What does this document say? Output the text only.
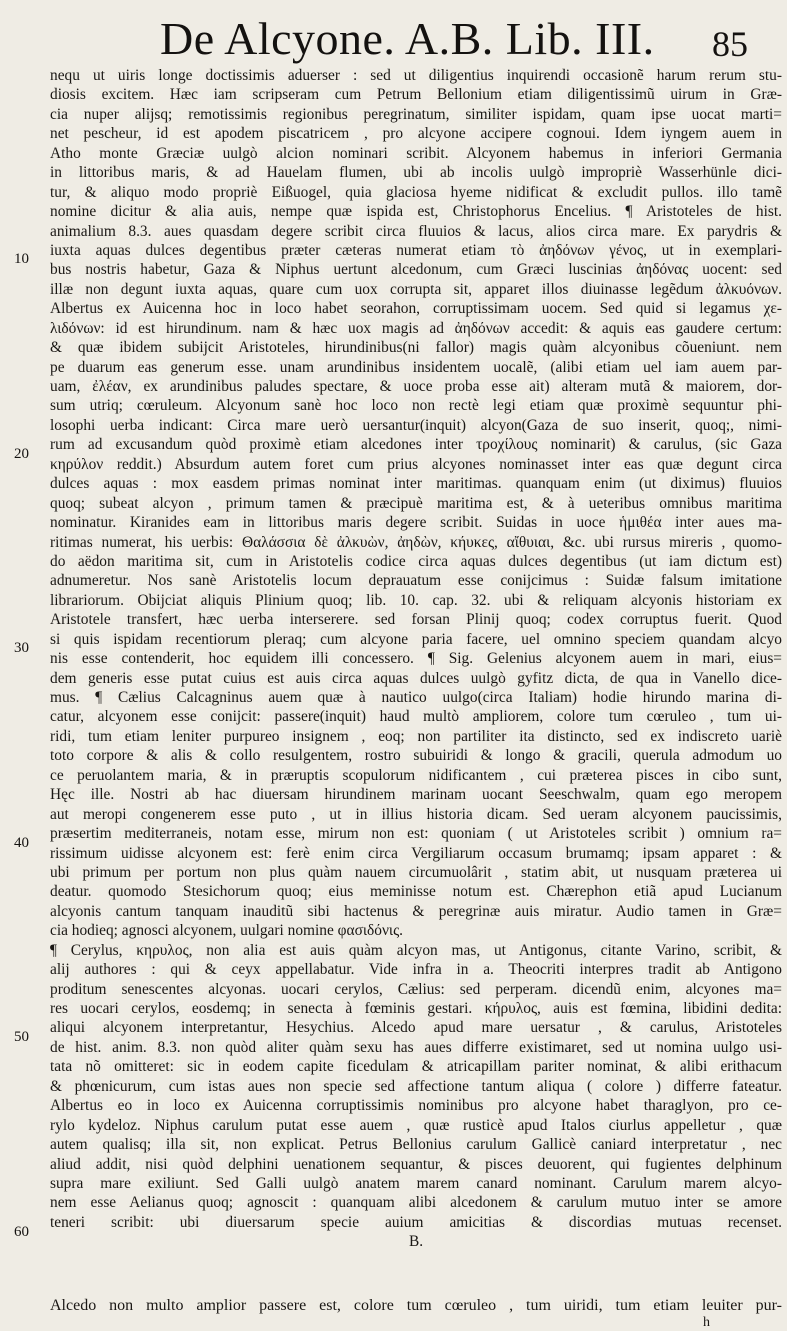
De Alcyone. A.B. Lib. III.	85
10
20
30
40
50
60
nequ ut uiris longe doctissimis aduerser : sed ut diligentius inquirendi occasionẽ harum rerum stu-
diosis excitem. Hæc iam scripseram cum Petrum Bellonium etiam diligentissimũ uirum in Græ-
cia nuper alijsq; remotissimis regionibus peregrinatum, similiter ispidam, quam ipse uocat marti=
net pescheur, id est apodem piscatricem , pro alcyone accipere cognoui. Idem iyngem auem in
Atho monte Græciæ uulgò alcion nominari scribit. Alcyonem habemus in inferiori Germania
in littoribus maris, & ad Hauelam flumen, ubi ab incolis uulgò impropriè Wasserhünle dici-
tur, & aliquo modo propriè Eißuogel, quia glaciosa hyeme nidificat & excludit pullos. illo tamẽ
nomine dicitur & alia auis, nempe quæ ispida est, Christophorus Encelius. ¶ Aristoteles de hist.
animalium 8.3. aues quasdam degere scribit circa fluuios & lacus, alios circa mare. Ex parydris &
iuxta aquas dulces degentibus præter cæteras numerat etiam τὸ ἀηδόνων γένος, ut in exemplari-
bus nostris habetur, Gaza & Niphus uertunt alcedonum, cum Græci luscinias ἀηδόνας uocent: sed
illæ non degunt iuxta aquas, quare cum uox corrupta sit, apparet illos diuinasse legẽdum ἀλκυόνων.
Albertus ex Auicenna hoc in loco habet seorahon, corruptissimam uocem. Sed quid si legamus χε-
λιδόνων: id est hirundinum. nam & hæc uox magis ad ἀηδόνων accedit: & aquis eas gaudere certum:
& quæ ibidem subijcit Aristoteles, hirundinibus(ni fallor) magis quàm alcyonibus cõueniunt. nem
pe duarum eas generum esse. unam arundinibus insidentem uocalẽ, (alibi etiam uel iam auem par-
uam, ἐλέαν, ex arundinibus paludes spectare, & uoce proba esse ait) alteram mutã & maiorem, dor-
sum utriq; cœruleum. Alcyonum sanè hoc loco non rectè legi etiam quæ proximè sequuntur phi-
losophi uerba indicant: Circa mare uerò uersantur(inquit) alcyon(Gaza de suo inserit, quoq;, nimi-
rum ad excusandum quòd proximè etiam alcedones inter τροχίλους nominarit) & carulus, (sic Gaza
κηρύλον reddit.) Absurdum autem foret cum prius alcyones nominasset inter eas quæ degunt circa
dulces aquas : mox easdem primas nominat inter maritimas. quanquam enim (ut diximus) fluuios
quoq; subeat alcyon , primum tamen & præcipuè maritima est, & à ueteribus omnibus maritima
nominatur. Kiranides eam in littoribus maris degere scribit. Suidas in uoce ἡμιθέα inter aues ma-
ritimas numerat, his uerbis: Θαλάσσια δὲ ἀλκυὼν, ἀηδὼν, κήυκες, αἴθυιαι, &c. ubi rursus mireris , quomo-
do aëdon maritima sit, cum in Aristotelis codice circa aquas dulces degentibus (ut iam dictum est)
adnumeretur. Nos sanè Aristotelis locum deprauatum esse conijcimus : Suidæ falsum imitatione
librariorum. Obijciat aliquis Plinium quoq; lib. 10. cap. 32. ubi & reliquam alcyonis historiam ex
Aristotele transfert, hæc uerba interserere. sed forsan Plinij quoq; codex corruptus fuerit. Quod
si quis ispidam recentiorum pleraq; cum alcyone paria facere, uel omnino speciem quandam alcyo
nis esse contenderit, hoc equidem illi concessero. ¶ Sig. Gelenius alcyonem auem in mari, eius=
dem generis esse putat cuius est auis circa aquas dulces uulgò gyfitz dicta, de qua in Vanello dice-
mus. ¶ Cælius Calcagninus auem quæ à nautico uulgo(circa Italiam) hodie hirundo marina di-
catur, alcyonem esse conijcit: passere(inquit) haud multò ampliorem, colore tum cœruleo , tum ui-
ridi, tum etiam leniter purpureo insignem , eoq; non partiliter ita distincto, sed ex indiscreto uariè
toto corpore & alis & collo resulgentem, rostro subuiridi & longo & gracili, querula admodum uo
ce peruolantem maria, & in præruptis scopulorum nidificantem , cui præterea pisces in cibo sunt,
Hęc ille. Nostri ab hac diuersam hirundinem marinam uocant Seeschwalm, quam ego meropem
aut meropi congenerem esse puto , ut in illius historia dicam. Sed ueram alcyonem paucissimis,
præsertim mediterraneis, notam esse, mirum non est: quoniam ( ut Aristoteles scribit ) omnium ra=
rissimum uidisse alcyonem est: ferè enim circa Vergiliarum occasum brumamq; ipsam apparet : &
ubi primum per portum non plus quàm nauem circumuolârit , statim abit, ut nusquam præterea ui
deatur. quomodo Stesichorum quoq; eius meminisse notum est. Chærephon etiã apud Lucianum
alcyonis cantum tanquam inauditũ sibi hactenus & peregrinæ auis miratur. Audio tamen in Græ=
cia hodieq; agnosci alcyonem, uulgari nomine φασιδόνις.
¶ Cerylus, κηρυλος, non alia est auis quàm alcyon mas, ut Antigonus, citante Varino, scribit, &
alij authores : qui & ceyx appellabatur. Vide infra in a. Theocriti interpres tradit ab Antigono
proditum senescentes alcyonas. uocari cerylos, Cælius: sed perperam. dicendũ enim, alcyones ma=
res uocari cerylos, eosdemq; in senecta à fœminis gestari. κήρυλος, auis est fœmina, libidini dedita:
aliqui alcyonem interpretantur, Hesychius. Alcedo apud mare uersatur , & carulus, Aristoteles
de hist. anim. 8.3. non quòd aliter quàm sexu has aues differre existimaret, sed ut nomina uulgo usi-
tata nõ omitteret: sic in eodem capite ficedulam & atricapillam pariter nominat, & alibi erithacum
& phœnicurum, cum istas aues non specie sed affectione tantum aliqua ( colore ) differre fateatur.
Albertus eo in loco ex Auicenna corruptissimis nominibus pro alcyone habet tharaglyon, pro ce-
rylo kydeloz. Niphus carulum putat esse auem , quæ rusticè apud Italos ciurlus appelletur , quæ
autem qualisq; illa sit, non explicat. Petrus Bellonius carulum Gallicè caniard interpretatur , nec
aliud addit, nisi quòd delphini uenationem sequantur, & pisces deuorent, qui fugientes delphinum
supra mare exiliunt. Sed Galli uulgò anatem marem canard nominant. Carulum marem alcyo-
nem esse Aelianus quoq; agnoscit : quanquam alibi alcedonem & carulum mutuo inter se amore
teneri scribit: ubi diuersarum specie auium amicitias & discordias mutuas recenset.
B.
Alcedo non multo amplior passere est, colore tum cœruleo , tum uiridi, tum etiam leuiter pur-
h
